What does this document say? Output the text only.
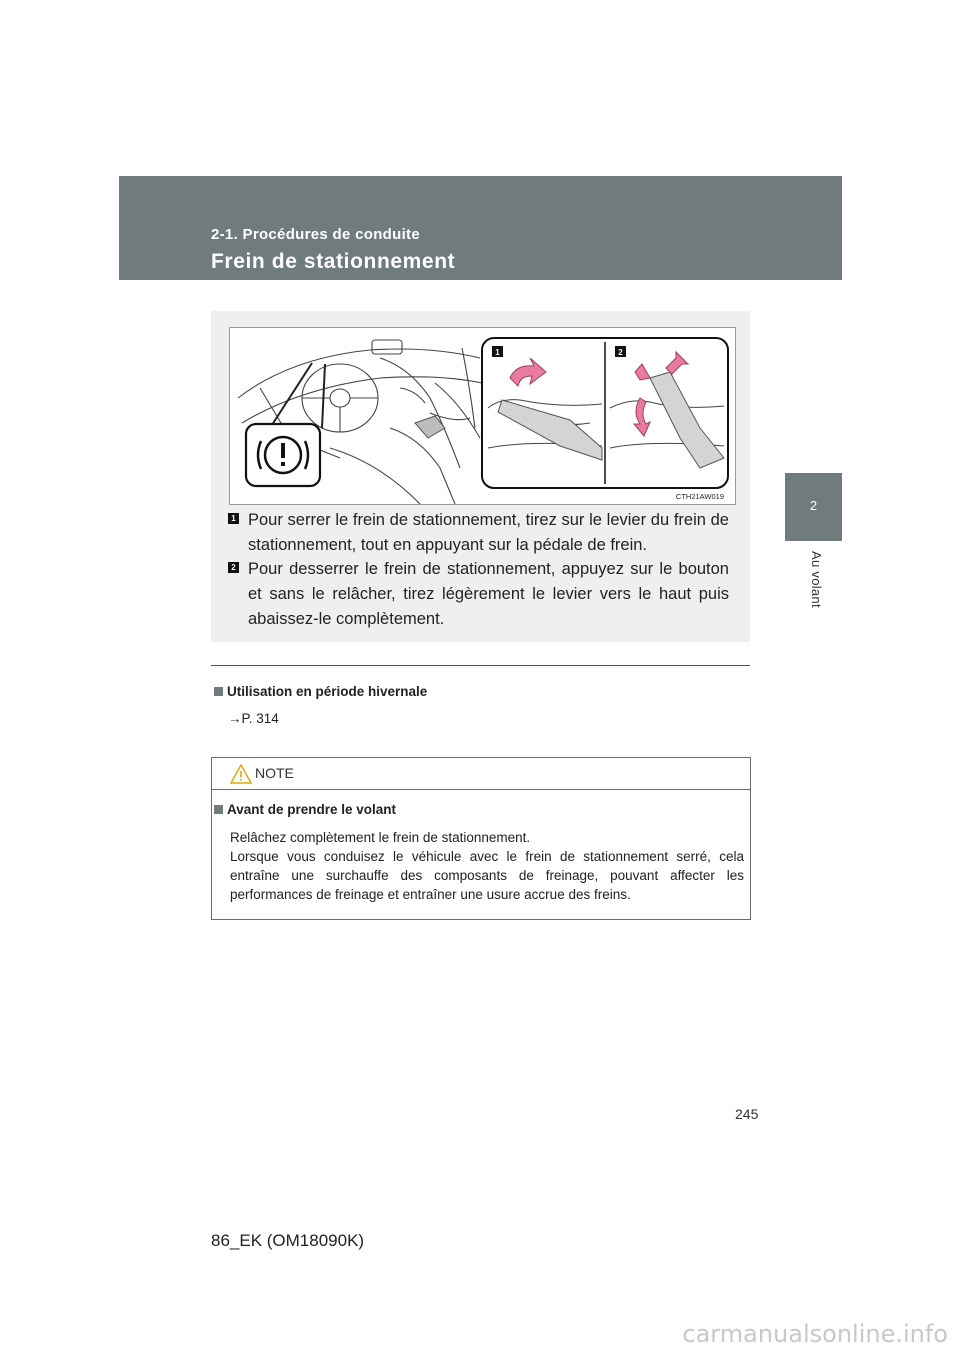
2-1. Procédures de conduite
Frein de stationnement
2
Au volant
1	2
CTH21AW019
1 Pour serrer le frein de stationnement, tirez sur le levier du frein de stationnement, tout en appuyant sur la pédale de frein.
2 Pour desserrer le frein de stationnement, appuyez sur le bouton et sans le relâcher, tirez légèrement le levier vers le haut puis abaissez-le complètement.
Utilisation en période hivernale
→P. 314
NOTE
Avant de prendre le volant
Relâchez complètement le frein de stationnement.
Lorsque vous conduisez le véhicule avec le frein de stationnement serré, cela entraîne une surchauffe des composants de freinage, pouvant affecter les performances de freinage et entraîner une usure accrue des freins.
245
86_EK (OM18090K)
carmanualsonline.info
